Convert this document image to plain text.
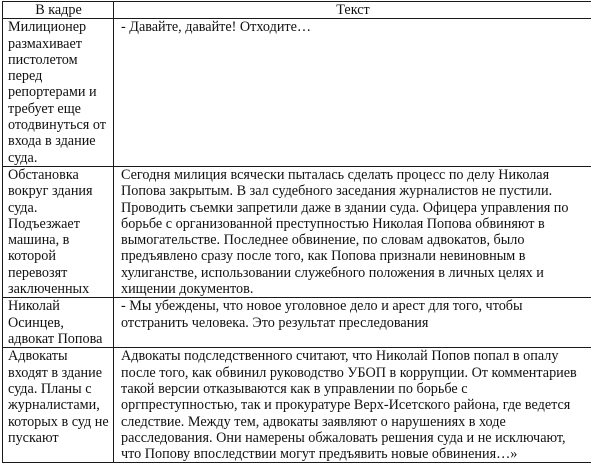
В кадре	Текст
Милиционер размахивает пистолетом перед репортерами и требует еще отодвинуться от входа в здание суда.	- Давайте, давайте! Отходите…
Обстановка вокруг здания суда. Подъезжает машина, в которой перевозят заключенных	Сегодня милиция всячески пыталась сделать процесс по делу Николая Попова закрытым. В зал судебного заседания журналистов не пустили. Проводить съемки запретили даже в здании суда. Офицера управления по борьбе с организованной преступностью Николая Попова обвиняют в вымогательстве. Последнее обвинение, по словам адвокатов, было предъявлено сразу после того, как Попова признали невиновным в хулиганстве, использовании служебного положения в личных целях и хищении документов.
Николай Осинцев, адвокат Попова	- Мы убеждены, что новое уголовное дело и арест для того, чтобы отстранить человека. Это результат преследования
Адвокаты входят в здание суда. Планы с журналистами, которых в суд не пускают	Адвокаты подследственного считают, что Николай Попов попал в опалу после того, как обвинил руководство УБОП в коррупции. От комментариев такой версии отказываются как в управлении по борьбе с оргпреступностью, так и прокуратуре Верх-Исетского района, где ведется следствие. Между тем, адвокаты заявляют о нарушениях в ходе расследования. Они намерены обжаловать решения суда и не исключают, что Попову впоследствии могут предъявить новые обвинения…»
